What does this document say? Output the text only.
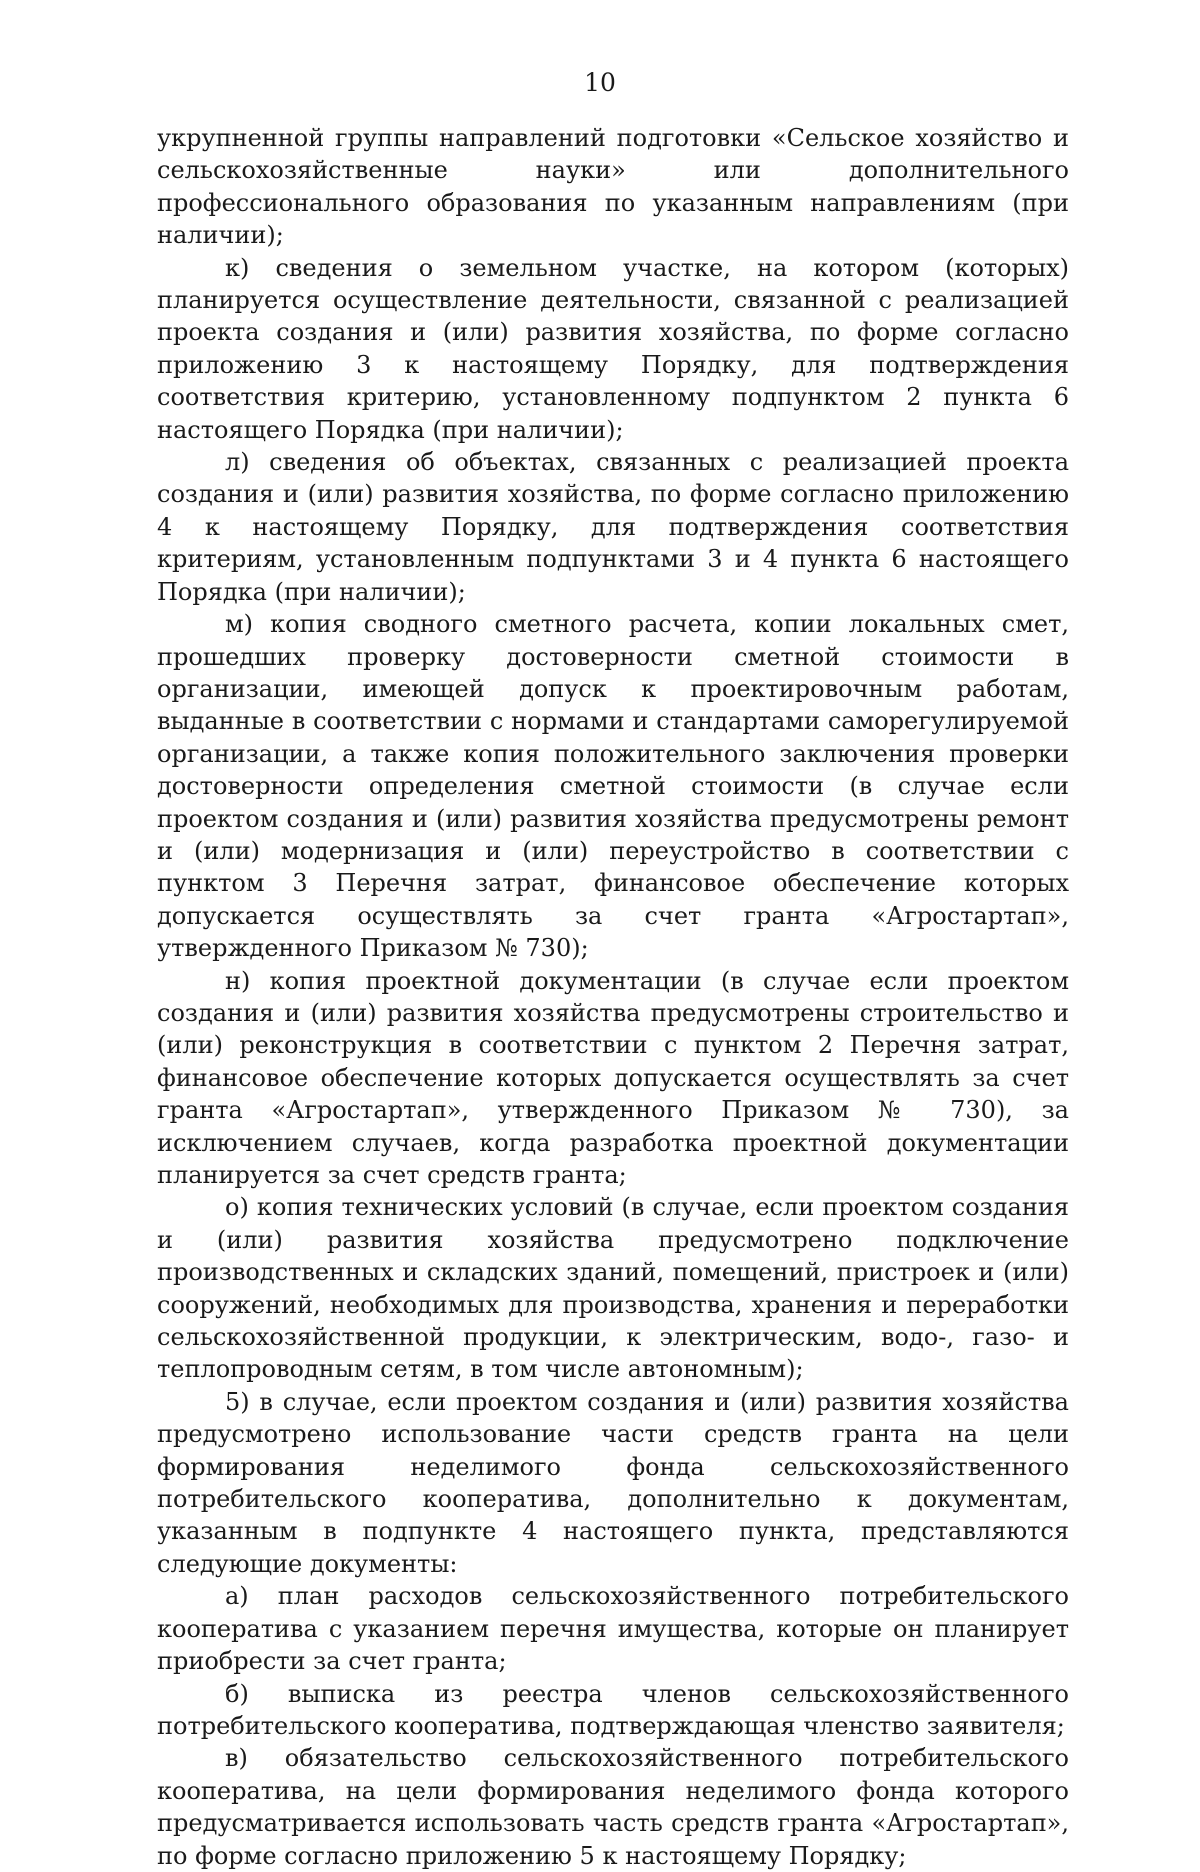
10

укрупненной группы направлений подготовки «Сельское хозяйство и сельскохозяйственные науки» или дополнительного профессионального образования по указанным направлениям (при наличии);

к) сведения о земельном участке, на котором (которых) планируется осуществление деятельности, связанной с реализацией проекта создания и (или) развития хозяйства, по форме согласно приложению 3 к настоящему Порядку, для подтверждения соответствия критерию, установленному подпунктом 2 пункта 6 настоящего Порядка (при наличии);

л) сведения об объектах, связанных с реализацией проекта создания и (или) развития хозяйства, по форме согласно приложению 4 к настоящему Порядку, для подтверждения соответствия критериям, установленным подпунктами 3 и 4 пункта 6 настоящего Порядка (при наличии);

м) копия сводного сметного расчета, копии локальных смет, прошедших проверку достоверности сметной стоимости в организации, имеющей допуск к проектировочным работам, выданные в соответствии с нормами и стандартами саморегулируемой организации, а также копия положительного заключения проверки достоверности определения сметной стоимости (в случае если проектом создания и (или) развития хозяйства предусмотрены ремонт и (или) модернизация и (или) переустройство в соответствии с пунктом 3 Перечня затрат, финансовое обеспечение которых допускается осуществлять за счет гранта «Агростартап», утвержденного Приказом № 730);

н) копия проектной документации (в случае если проектом создания и (или) развития хозяйства предусмотрены строительство и (или) реконструкция в соответствии с пунктом 2 Перечня затрат, финансовое обеспечение которых допускается осуществлять за счет гранта «Агростартап», утвержденного Приказом № 730), за исключением случаев, когда разработка проектной документации планируется за счет средств гранта;

о) копия технических условий (в случае, если проектом создания и (или) развития хозяйства предусмотрено подключение производственных и складских зданий, помещений, пристроек и (или) сооружений, необходимых для производства, хранения и переработки сельскохозяйственной продукции, к электрическим, водо-, газо- и теплопроводным сетям, в том числе автономным);

5) в случае, если проектом создания и (или) развития хозяйства предусмотрено использование части средств гранта на цели формирования неделимого фонда сельскохозяйственного потребительского кооператива, дополнительно к документам, указанным в подпункте 4 настоящего пункта, представляются следующие документы:

а) план расходов сельскохозяйственного потребительского кооператива с указанием перечня имущества, которые он планирует приобрести за счет гранта;

б) выписка из реестра членов сельскохозяйственного потребительского кооператива, подтверждающая членство заявителя;

в) обязательство сельскохозяйственного потребительского кооператива, на цели формирования неделимого фонда которого предусматривается использовать часть средств гранта «Агростартап», по форме согласно приложению 5 к настоящему Порядку;
